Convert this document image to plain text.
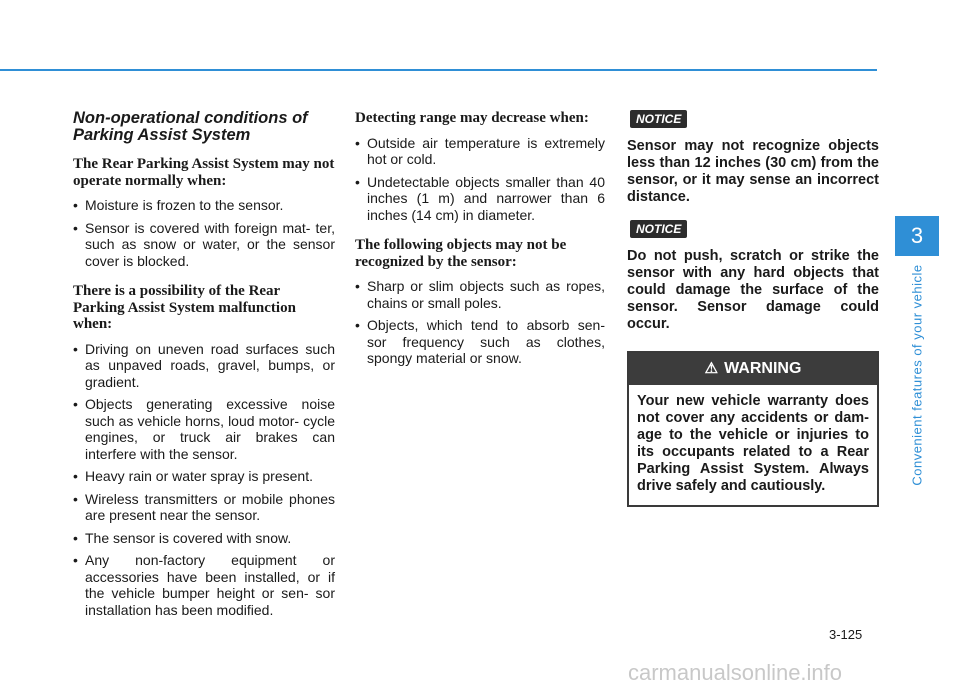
Non-operational conditions of Parking Assist System
The Rear Parking Assist System may not operate normally when:
• Moisture is frozen to the sensor.
• Sensor is covered with foreign mat- ter, such as snow or water, or the sensor cover is blocked.
There is a possibility of the Rear Parking Assist System malfunction when:
• Driving on uneven road surfaces such as unpaved roads, gravel, bumps, or gradient.
• Objects generating excessive noise such as vehicle horns, loud motor- cycle engines, or truck air brakes can interfere with the sensor.
• Heavy rain or water spray is present.
• Wireless transmitters or mobile phones are present near the sensor.
• The sensor is covered with snow.
• Any non-factory equipment or accessories have been installed, or if the vehicle bumper height or sen- sor installation has been modified.
Detecting range may decrease when:
• Outside air temperature is extremely hot or cold.
• Undetectable objects smaller than 40 inches (1 m) and narrower than 6 inches (14 cm) in diameter.
The following objects may not be recognized by the sensor:
• Sharp or slim objects such as ropes, chains or small poles.
• Objects, which tend to absorb sen- sor frequency such as clothes, spongy material or snow.
NOTICE
Sensor may not recognize objects less than 12 inches (30 cm) from the sensor, or it may sense an incorrect distance.
NOTICE
Do not push, scratch or strike the sensor with any hard objects that could damage the surface of the sensor. Sensor damage could occur.
⚠ WARNING
Your new vehicle warranty does not cover any accidents or dam- age to the vehicle or injuries to its occupants related to a Rear Parking Assist System. Always drive safely and cautiously.
3
Convenient features of your vehicle
3-125
carmanualsonline.info
